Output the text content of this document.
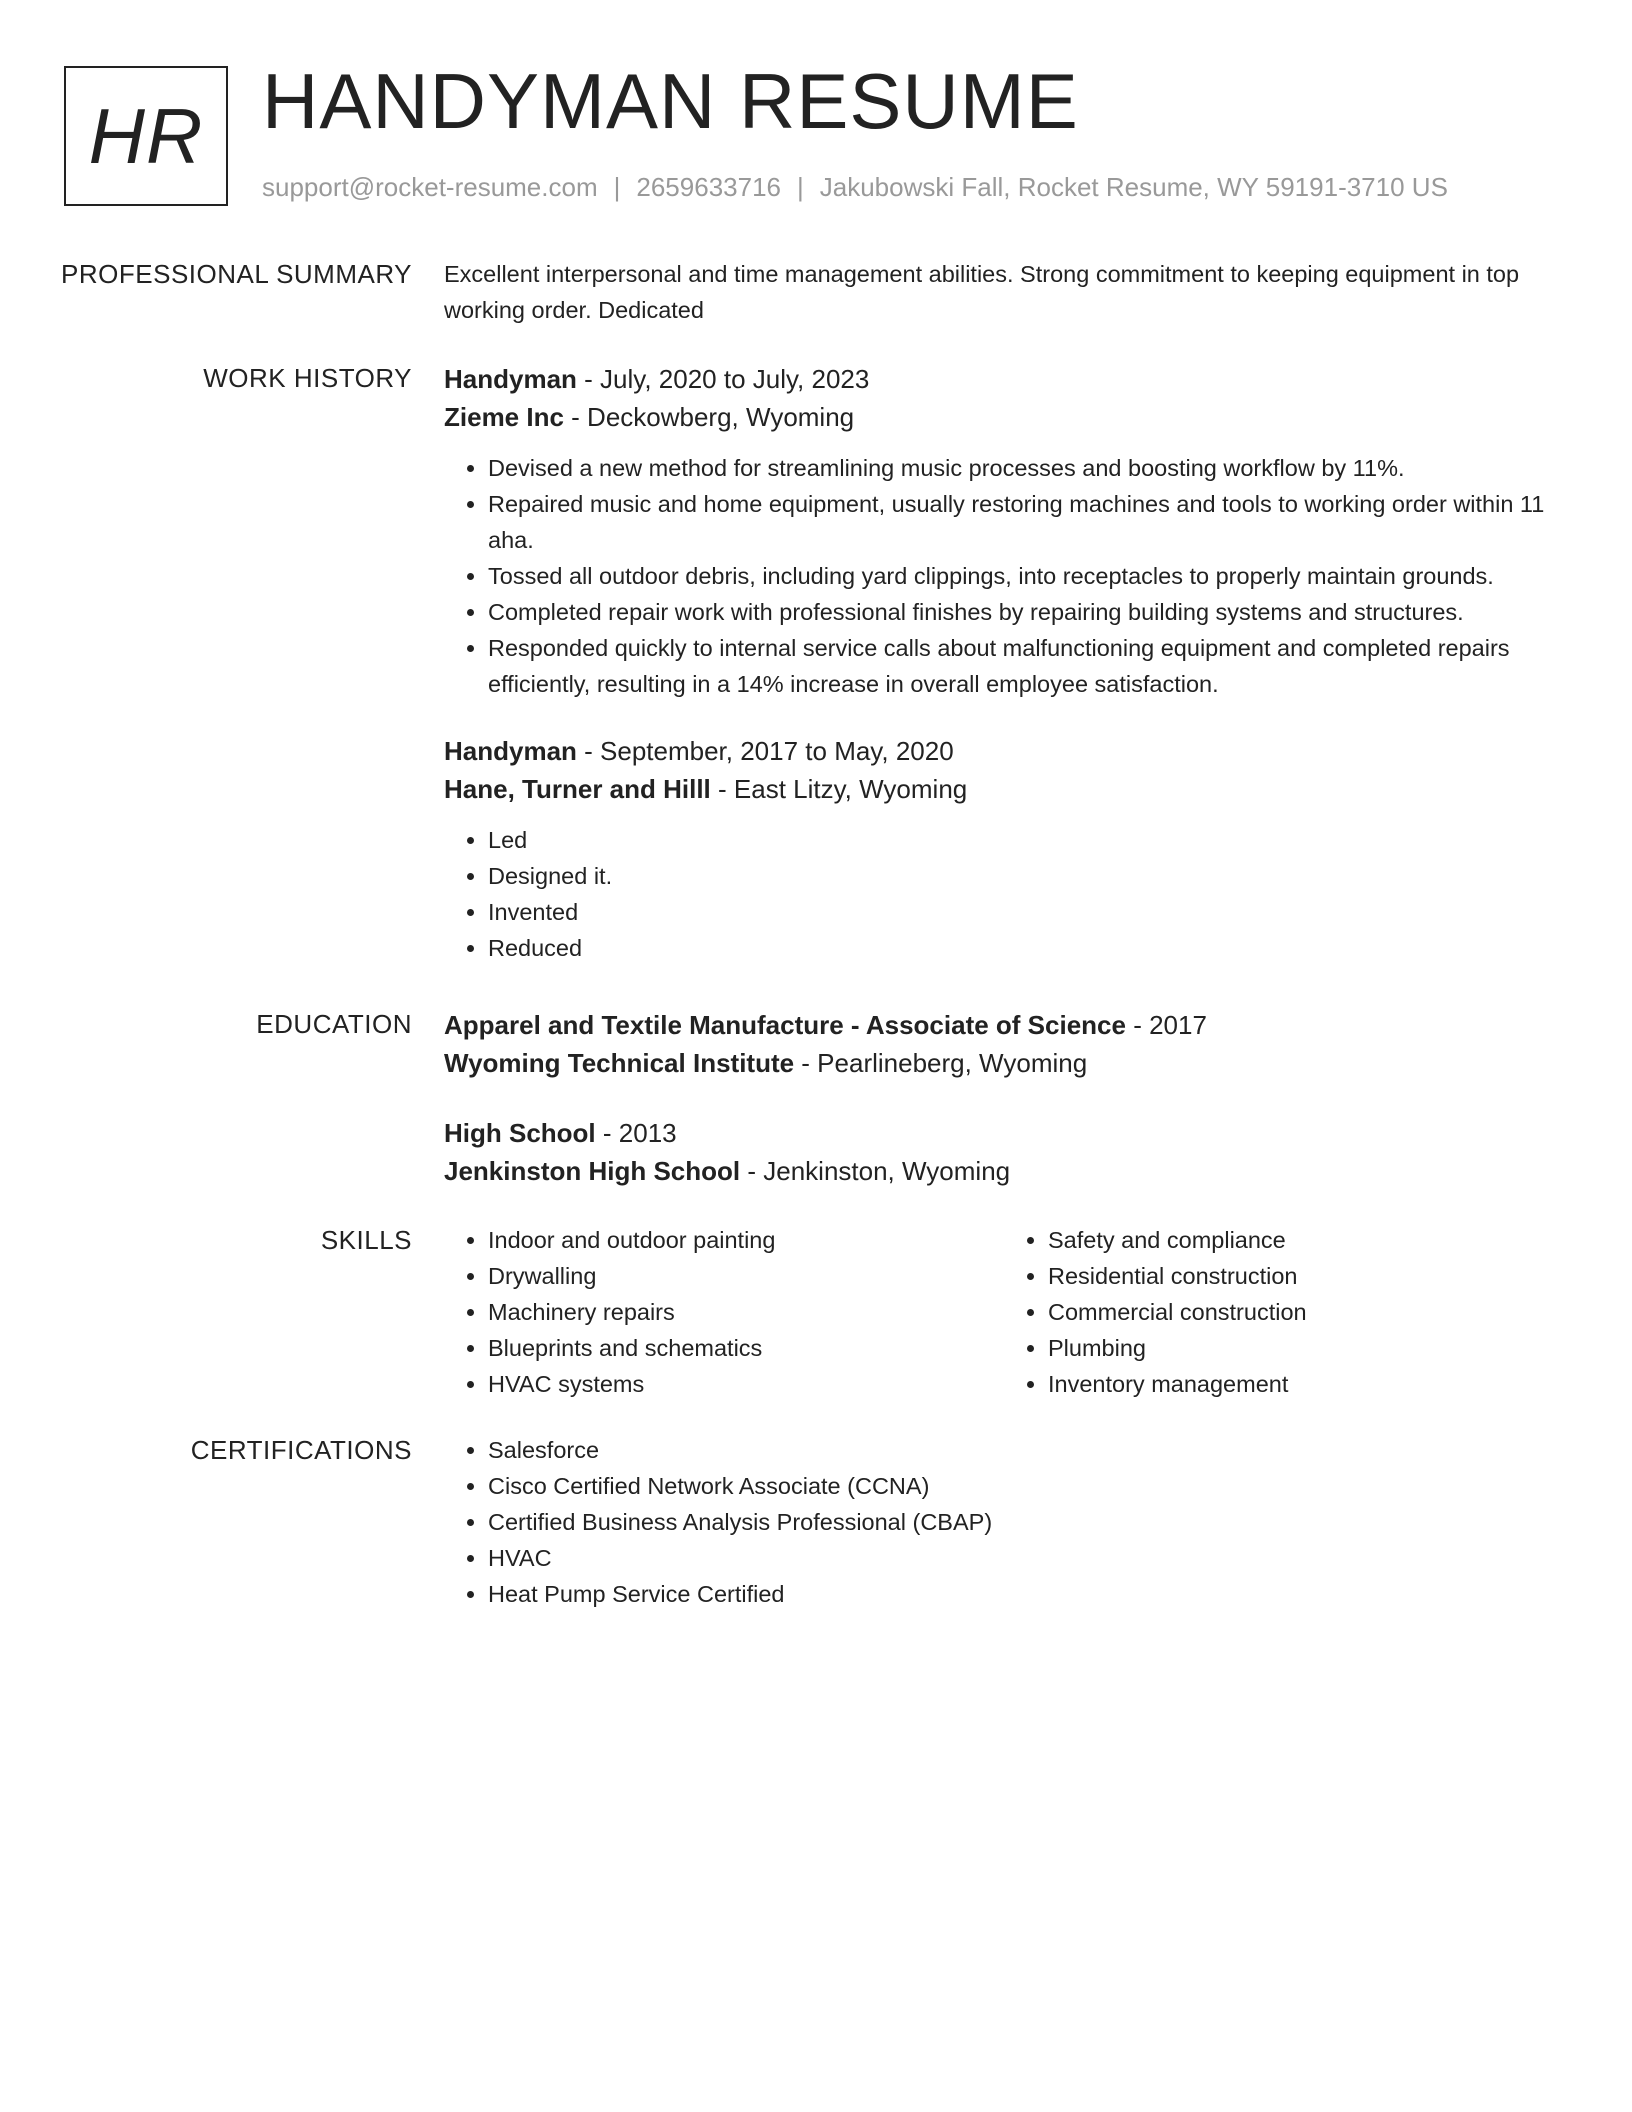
HR HANDYMAN RESUME
support@rocket-resume.com | 2659633716 | Jakubowski Fall, Rocket Resume, WY 59191-3710 US
PROFESSIONAL SUMMARY Excellent interpersonal and time management abilities. Strong commitment to keeping equipment in top working order. Dedicated

WORK HISTORY Handyman - July, 2020 to July, 2023
Zieme Inc - Deckowberg, Wyoming
• Devised a new method for streamlining music processes and boosting workflow by 11%.
• Repaired music and home equipment, usually restoring machines and tools to working order within 11 aha.
• Tossed all outdoor debris, including yard clippings, into receptacles to properly maintain grounds.
• Completed repair work with professional finishes by repairing building systems and structures.
• Responded quickly to internal service calls about malfunctioning equipment and completed repairs efficiently, resulting in a 14% increase in overall employee satisfaction.
Handyman - September, 2017 to May, 2020
Hane, Turner and Hilll - East Litzy, Wyoming
• Led
• Designed it.
• Invented
• Reduced
EDUCATION Apparel and Textile Manufacture - Associate of Science - 2017
Wyoming Technical Institute - Pearlineberg, Wyoming
High School - 2013
Jenkinston High School - Jenkinston, Wyoming
SKILLS	• Indoor and outdoor painting
• Drywalling
• Machinery repairs
• Blueprints and schematics
• HVAC systems
• Safety and compliance
• Residential construction
• Commercial construction
• Plumbing
• Inventory management
CERTIFICATIONS	• Salesforce
• Cisco Certified Network Associate (CCNA)
• Certified Business Analysis Professional (CBAP)
• HVAC
• Heat Pump Service Certified
